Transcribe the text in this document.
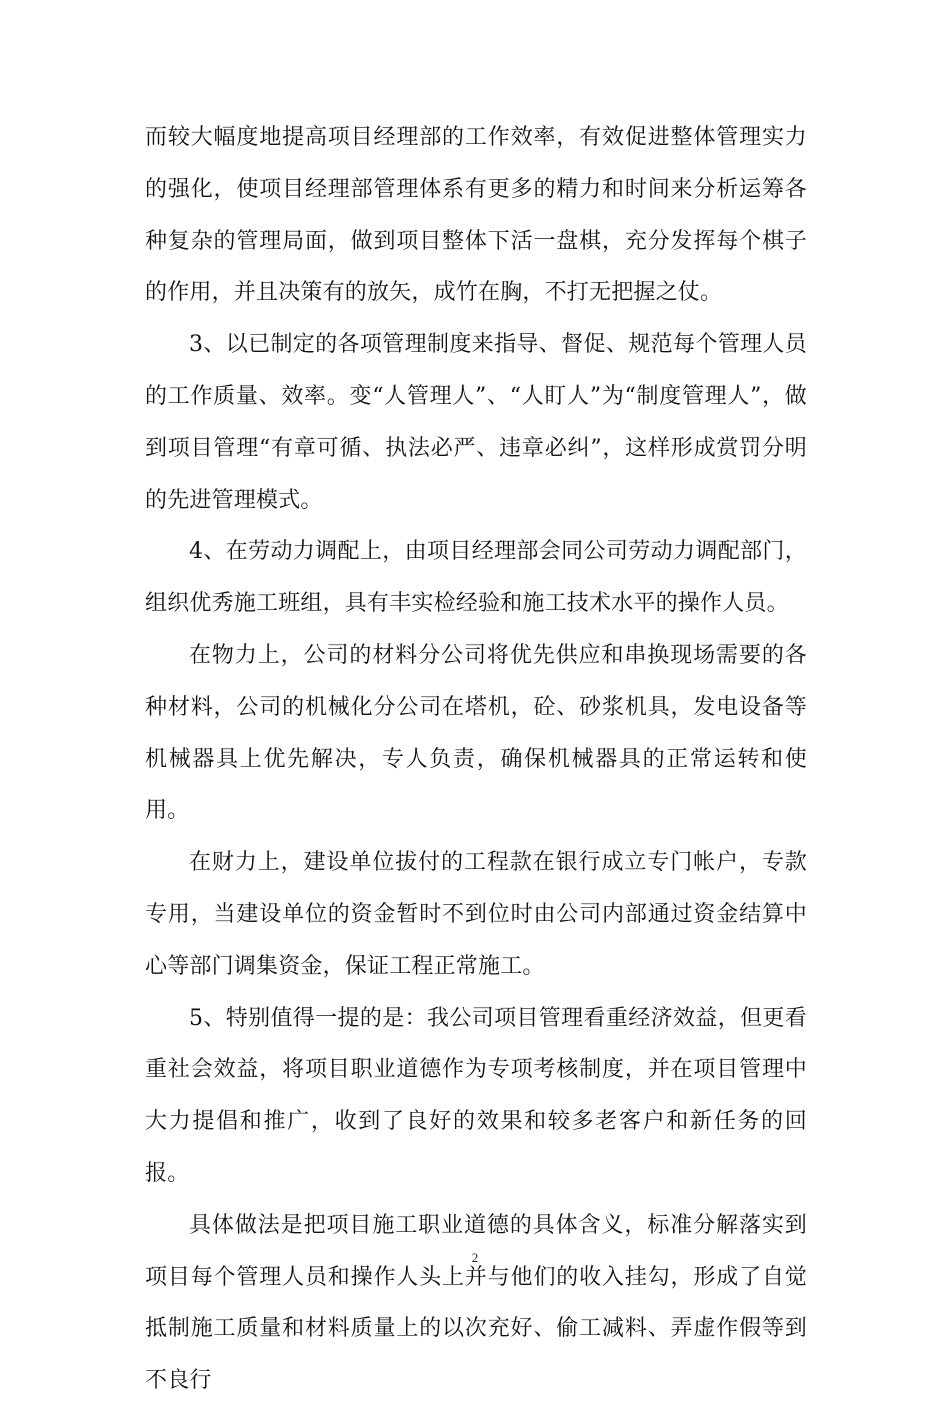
而较大幅度地提高项目经理部的工作效率，有效促进整体管理实力的强化，使项目经理部管理体系有更多的精力和时间来分析运筹各种复杂的管理局面，做到项目整体下活一盘棋，充分发挥每个棋子的作用，并且决策有的放矢，成竹在胸，不打无把握之仗。

3、以已制定的各项管理制度来指导、督促、规范每个管理人员的工作质量、效率。变“人管理人”、“人盯人”为“制度管理人”，做到项目管理“有章可循、执法必严、违章必纠”，这样形成赏罚分明的先进管理模式。

4、在劳动力调配上，由项目经理部会同公司劳动力调配部门，组织优秀施工班组，具有丰实检经验和施工技术水平的操作人员。

在物力上，公司的材料分公司将优先供应和串换现场需要的各种材料，公司的机械化分公司在塔机，砼、砂浆机具，发电设备等机械器具上优先解决，专人负责，确保机械器具的正常运转和使用。

在财力上，建设单位拔付的工程款在银行成立专门帐户，专款专用，当建设单位的资金暂时不到位时由公司内部通过资金结算中心等部门调集资金，保证工程正常施工。

5、特别值得一提的是：我公司项目管理看重经济效益，但更看重社会效益，将项目职业道德作为专项考核制度，并在项目管理中大力提倡和推广，收到了良好的效果和较多老客户和新任务的回报。

具体做法是把项目施工职业道德的具体含义，标准分解落实到项目每个管理人员和操作人头上并与他们的收入挂勾，形成了自觉抵制施工质量和材料质量上的以次充好、偷工减料、弄虚作假等到不良行

2
